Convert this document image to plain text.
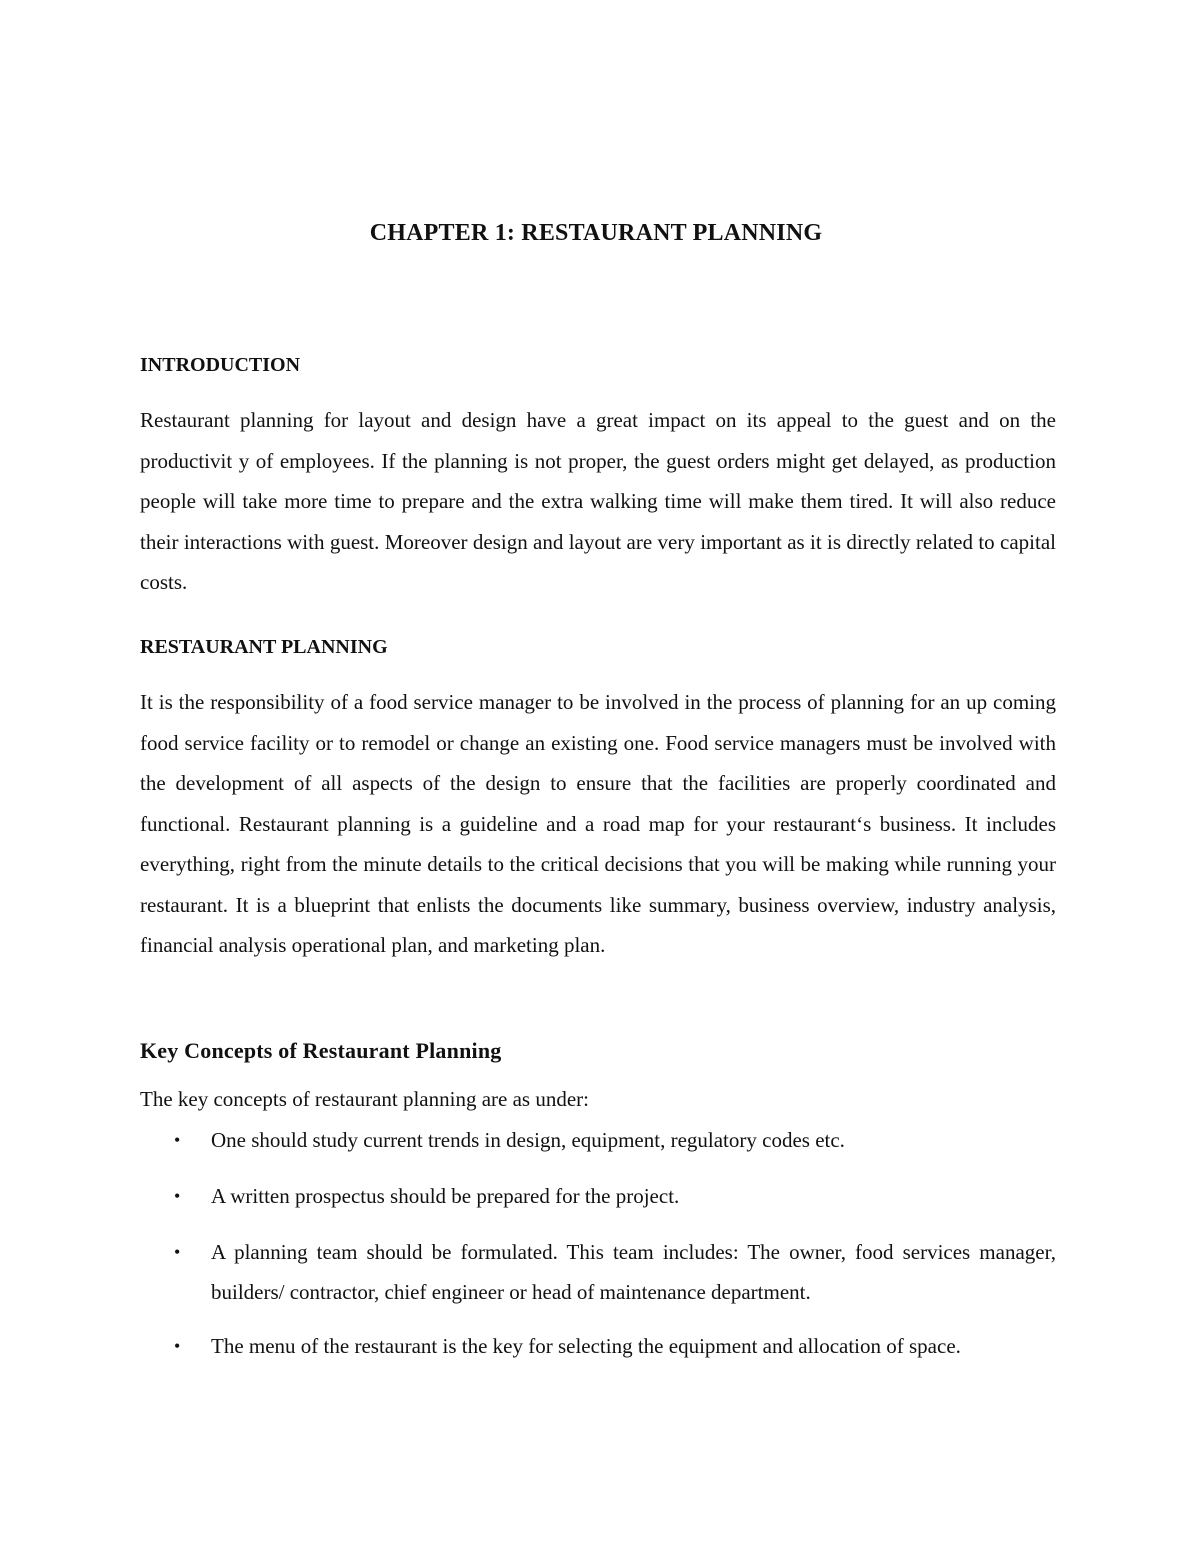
CHAPTER 1: RESTAURANT PLANNING
INTRODUCTION

Restaurant planning for layout and design have a great impact on its appeal to the guest and on the productivit y of employees. If the planning is not proper, the guest orders might get delayed, as production people will take more time to prepare and the extra walking time will make them tired. It will also reduce their interactions with guest. Moreover design and layout are very important as it is directly related to capital costs.

RESTAURANT PLANNING

It is the responsibility of a food service manager to be involved in the process of planning for an up coming food service facility or to remodel or change an existing one. Food service managers must be involved with the development of all aspects of the design to ensure that the facilities are properly coordinated and functional. Restaurant planning is a guideline and a road map for your restaurant‘s business. It includes everything, right from the minute details to the critical decisions that you will be making while running your restaurant. It is a blueprint that enlists the documents like summary, business overview, industry analysis, financial analysis operational plan, and marketing plan.

Key Concepts of Restaurant Planning

The key concepts of restaurant planning are as under:

• One should study current trends in design, equipment, regulatory codes etc.
• A written prospectus should be prepared for the project.
• A planning team should be formulated. This team includes: The owner, food services manager, builders/ contractor, chief engineer or head of maintenance department.
• The menu of the restaurant is the key for selecting the equipment and allocation of space.
